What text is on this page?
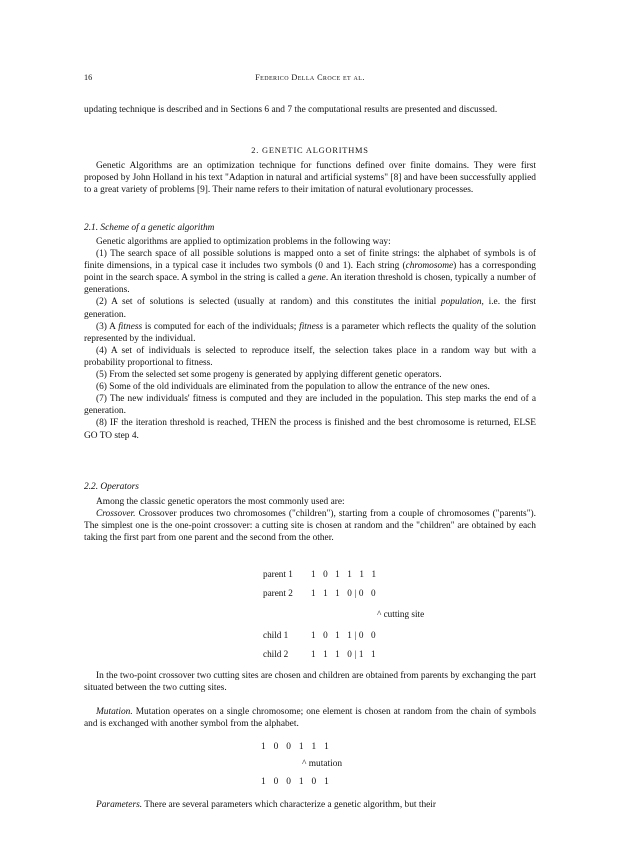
16	Federico Della Croce et al.

updating technique is described and in Sections 6 and 7 the computational results are presented and discussed.

2. GENETIC ALGORITHMS

Genetic Algorithms are an optimization technique for functions defined over finite domains. They were first proposed by John Holland in his text "Adaption in natural and artificial systems" [8] and have been successfully applied to a great variety of problems [9]. Their name refers to their imitation of natural evolutionary processes.

2.1. Scheme of a genetic algorithm

Genetic algorithms are applied to optimization problems in the following way:

(1) The search space of all possible solutions is mapped onto a set of finite strings: the alphabet of symbols is of finite dimensions, in a typical case it includes two symbols (0 and 1). Each string (chromosome) has a corresponding point in the search space. A symbol in the string is called a gene. An iteration threshold is chosen, typically a number of generations.

(2) A set of solutions is selected (usually at random) and this constitutes the initial population, i.e. the first generation.

(3) A fitness is computed for each of the individuals; fitness is a parameter which reflects the quality of the solution represented by the individual.

(4) A set of individuals is selected to reproduce itself, the selection takes place in a random way but with a probability proportional to fitness.

(5) From the selected set some progeny is generated by applying different genetic operators.

(6) Some of the old individuals are eliminated from the population to allow the entrance of the new ones.

(7) The new individuals' fitness is computed and they are included in the population. This step marks the end of a generation.

(8) IF the iteration threshold is reached, THEN the process is finished and the best chromosome is returned, ELSE GO TO step 4.

2.2. Operators

Among the classic genetic operators the most commonly used are:

Crossover. Crossover produces two chromosomes ("children"), starting from a couple of chromosomes ("parents"). The simplest one is the one-point crossover: a cutting site is chosen at random and the "children" are obtained by each taking the first part from one parent and the second from the other.

parent 1	1 0 1 1 1 1
parent 2	1 1 1 0|0 0
	^ cutting site
child 1	1 0 1 1|0 0
child 2	1 1 1 0|1 1

In the two-point crossover two cutting sites are chosen and children are obtained from parents by exchanging the part situated between the two cutting sites.

Mutation. Mutation operates on a single chromosome; one element is chosen at random from the chain of symbols and is exchanged with another symbol from the alphabet.

1 0 0 1 1 1
^ mutation
1 0 0 1 0 1

Parameters. There are several parameters which characterize a genetic algorithm, but their
